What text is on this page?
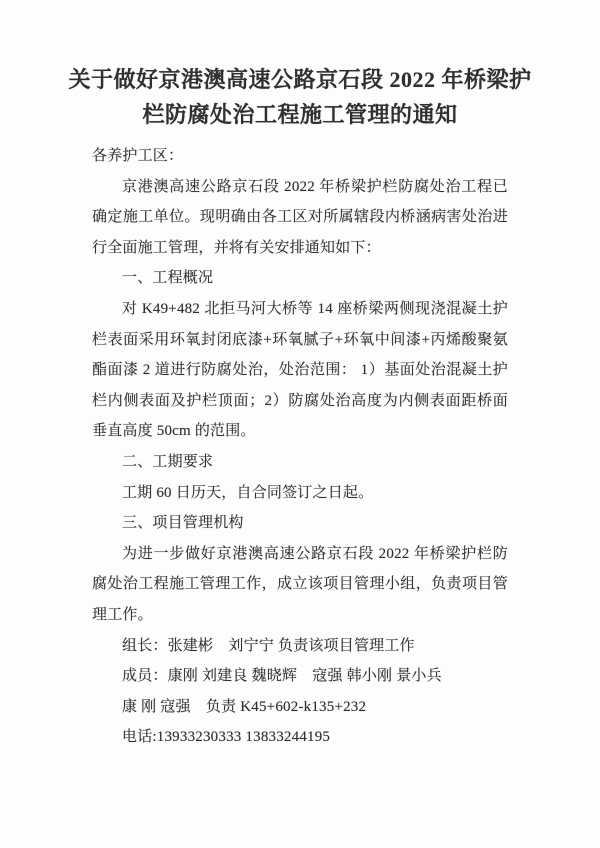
关于做好京港澳高速公路京石段 2022 年桥梁护栏防腐处治工程施工管理的通知

各养护工区：

京港澳高速公路京石段 2022 年桥梁护栏防腐处治工程已确定施工单位。现明确由各工区对所属辖段内桥涵病害处治进行全面施工管理，并将有关安排通知如下：

一、工程概况

对 K49+482 北拒马河大桥等 14 座桥梁两侧现浇混凝土护栏表面采用环氧封闭底漆+环氧腻子+环氧中间漆+丙烯酸聚氨酯面漆 2 道进行防腐处治，处治范围： 1）基面处治混凝土护栏内侧表面及护栏顶面；2）防腐处治高度为内侧表面距桥面垂直高度 50cm 的范围。

二、工期要求

工期 60 日历天，自合同签订之日起。

三、项目管理机构

为进一步做好京港澳高速公路京石段 2022 年桥梁护栏防腐处治工程施工管理工作，成立该项目管理小组，负责项目管理工作。

组长：张建彬　刘宁宁 负责该项目管理工作

成员：康刚 刘建良 魏晓辉　寇强 韩小刚 景小兵

康 刚 寇强　负责 K45+602-k135+232

电话:13933230333 13833244195
